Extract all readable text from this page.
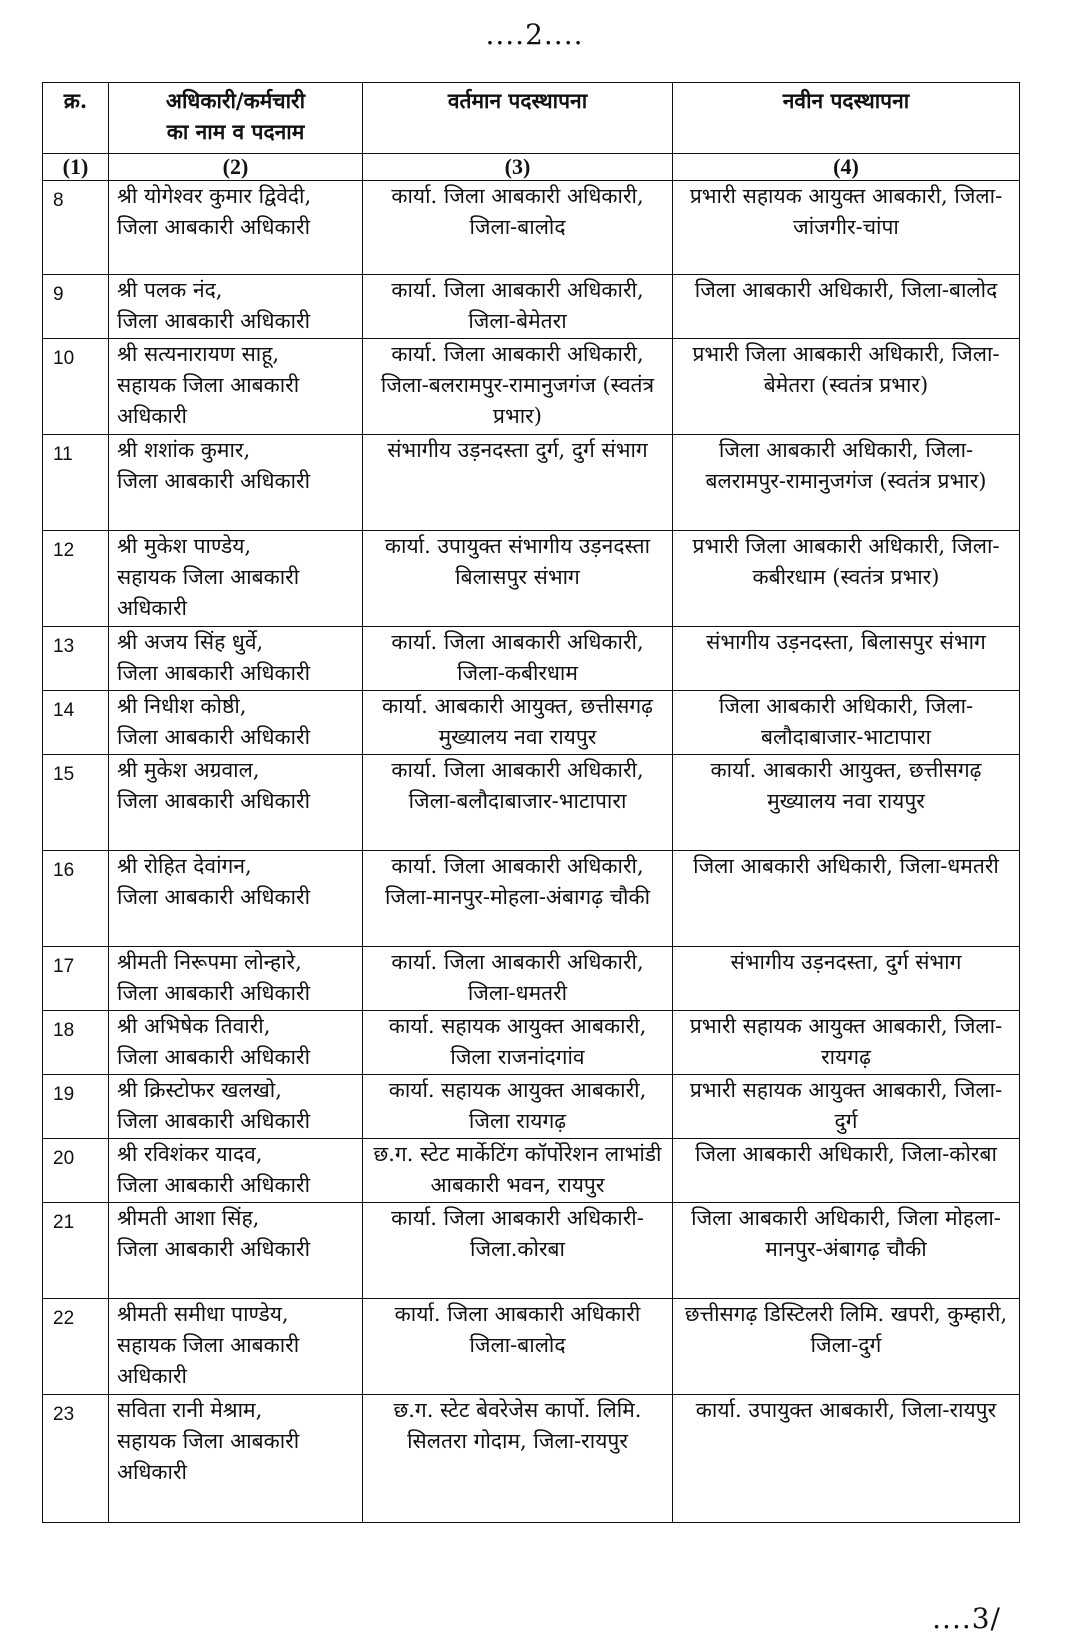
....2....
क्र.	अधिकारी/कर्मचारी
का नाम व पदनाम	वर्तमान पदस्थापना	नवीन पदस्थापना
(1)	(2)	(3)	(4)
8	श्री योगेश्वर कुमार द्विवेदी,
जिला आबकारी अधिकारी	कार्या. जिला आबकारी अधिकारी, जिला-बालोद	प्रभारी सहायक आयुक्त आबकारी, जिला-जांजगीर-चांपा
9	श्री पलक नंद,
जिला आबकारी अधिकारी	कार्या. जिला आबकारी अधिकारी, जिला-बेमेतरा	जिला आबकारी अधिकारी, जिला-बालोद
10	श्री सत्यनारायण साहू,
सहायक जिला आबकारी अधिकारी	कार्या. जिला आबकारी अधिकारी, जिला-बलरामपुर-रामानुजगंज (स्वतंत्र प्रभार)	प्रभारी जिला आबकारी अधिकारी, जिला-बेमेतरा (स्वतंत्र प्रभार)
11	श्री शशांक कुमार,
जिला आबकारी अधिकारी	संभागीय उड़नदस्ता दुर्ग, दुर्ग संभाग	जिला आबकारी अधिकारी, जिला-बलरामपुर-रामानुजगंज (स्वतंत्र प्रभार)
12	श्री मुकेश पाण्डेय,
सहायक जिला आबकारी अधिकारी	कार्या. उपायुक्त संभागीय उड़नदस्ता बिलासपुर संभाग	प्रभारी जिला आबकारी अधिकारी, जिला-कबीरधाम (स्वतंत्र प्रभार)
13	श्री अजय सिंह धुर्वे,
जिला आबकारी अधिकारी	कार्या. जिला आबकारी अधिकारी, जिला-कबीरधाम	संभागीय उड़नदस्ता, बिलासपुर संभाग
14	श्री निधीश कोष्ठी,
जिला आबकारी अधिकारी	कार्या. आबकारी आयुक्त, छत्तीसगढ़ मुख्यालय नवा रायपुर	जिला आबकारी अधिकारी, जिला-बलौदाबाजार-भाटापारा
15	श्री मुकेश अग्रवाल,
जिला आबकारी अधिकारी	कार्या. जिला आबकारी अधिकारी, जिला-बलौदाबाजार-भाटापारा	कार्या. आबकारी आयुक्त, छत्तीसगढ़ मुख्यालय नवा रायपुर
16	श्री रोहित देवांगन,
जिला आबकारी अधिकारी	कार्या. जिला आबकारी अधिकारी, जिला-मानपुर-मोहला-अंबागढ़ चौकी	जिला आबकारी अधिकारी, जिला-धमतरी
17	श्रीमती निरूपमा लोन्हारे,
जिला आबकारी अधिकारी	कार्या. जिला आबकारी अधिकारी, जिला-धमतरी	संभागीय उड़नदस्ता, दुर्ग संभाग
18	श्री अभिषेक तिवारी,
जिला आबकारी अधिकारी	कार्या. सहायक आयुक्त आबकारी, जिला राजनांदगांव	प्रभारी सहायक आयुक्त आबकारी, जिला-रायगढ़
19	श्री क्रिस्टोफर खलखो,
जिला आबकारी अधिकारी	कार्या. सहायक आयुक्त आबकारी, जिला रायगढ़	प्रभारी सहायक आयुक्त आबकारी, जिला-दुर्ग
20	श्री रविशंकर यादव,
जिला आबकारी अधिकारी	छ.ग. स्टेट मार्केटिंग कॉर्पोरेशन लाभांडी आबकारी भवन, रायपुर	जिला आबकारी अधिकारी, जिला-कोरबा
21	श्रीमती आशा सिंह,
जिला आबकारी अधिकारी	कार्या. जिला आबकारी अधिकारी- जिला.कोरबा	जिला आबकारी अधिकारी, जिला मोहला-मानपुर-अंबागढ़ चौकी
22	श्रीमती समीधा पाण्डेय,
सहायक जिला आबकारी अधिकारी	कार्या. जिला आबकारी अधिकारी जिला-बालोद	छत्तीसगढ़ डिस्टिलरी लिमि. खपरी, कुम्हारी, जिला-दुर्ग
23	सविता रानी मेश्राम,
सहायक जिला आबकारी अधिकारी	छ.ग. स्टेट बेवरेजेस कार्पो. लिमि. सिलतरा गोदाम, जिला-रायपुर	कार्या. उपायुक्त आबकारी, जिला-रायपुर
....3/
